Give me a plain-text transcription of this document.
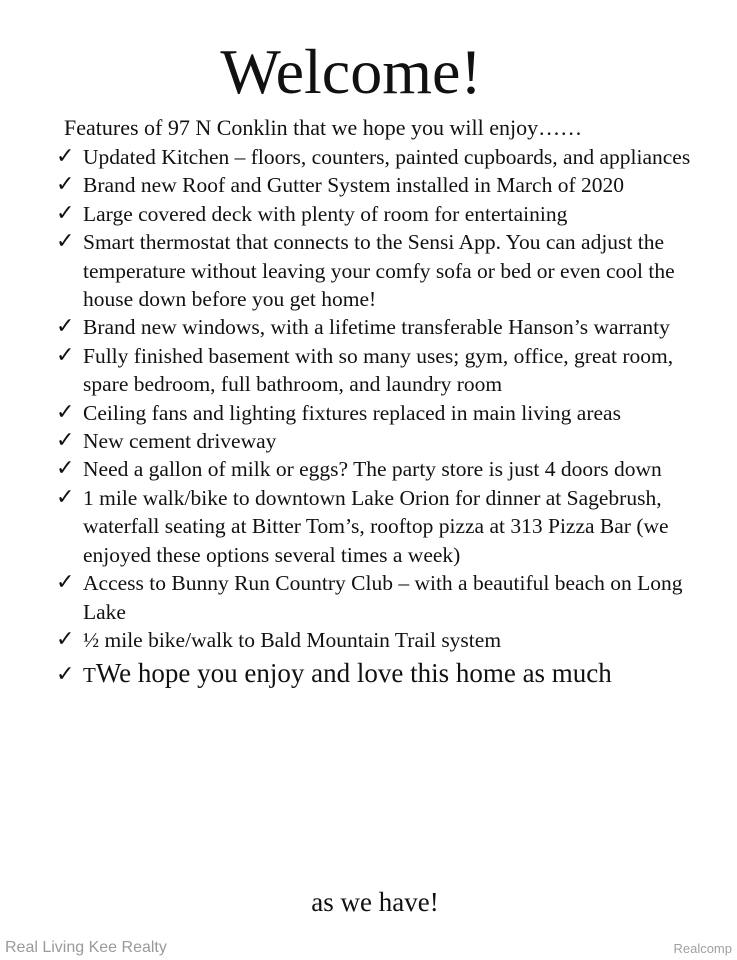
Welcome!
Features of 97 N Conklin that we hope you will enjoy……
✓ Updated Kitchen – floors, counters, painted cupboards, and appliances
✓ Brand new Roof and Gutter System installed in March of 2020
✓ Large covered deck with plenty of room for entertaining
✓ Smart thermostat that connects to the Sensi App. You can adjust the temperature without leaving your comfy sofa or bed or even cool the house down before you get home!
✓ Brand new windows, with a lifetime transferable Hanson’s warranty
✓ Fully finished basement with so many uses; gym, office, great room, spare bedroom, full bathroom, and laundry room
✓ Ceiling fans and lighting fixtures replaced in main living areas
✓ New cement driveway
✓ Need a gallon of milk or eggs? The party store is just 4 doors down
✓ 1 mile walk/bike to downtown Lake Orion for dinner at Sagebrush, waterfall seating at Bitter Tom’s, rooftop pizza at 313 Pizza Bar (we enjoyed these options several times a week)
✓ Access to Bunny Run Country Club – with a beautiful beach on Long Lake
✓ ½ mile bike/walk to Bald Mountain Trail system
✓ TWe hope you enjoy and love this home as much
as we have!
Real Living Kee Realty	Realcomp
